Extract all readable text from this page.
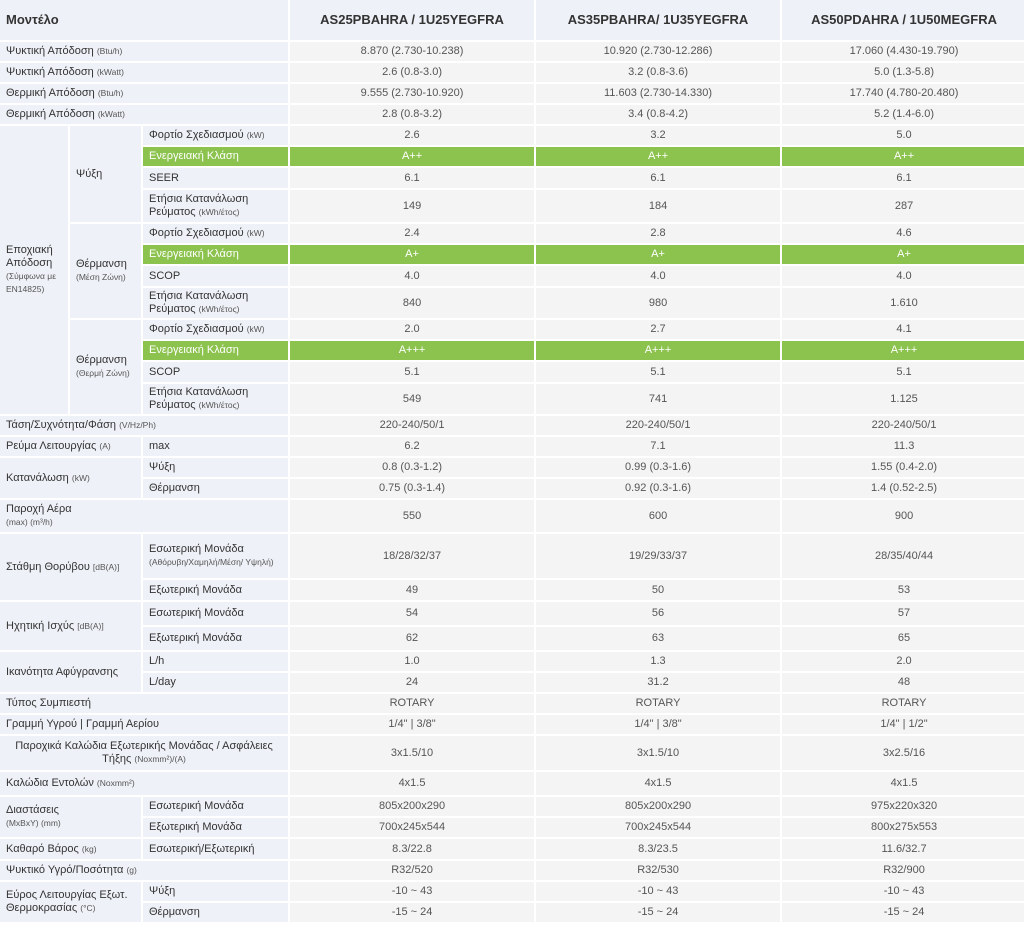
Μοντέλο			AS25PBAHRA / 1U25YEGFRA	AS35PBAHRA/ 1U35YEGFRA	AS50PDAHRA / 1U50MEGFRA
Ψυκτική Απόδοση (Btu/h)			8.870 (2.730-10.238)	10.920 (2.730-12.286)	17.060 (4.430-19.790)
Ψυκτική Απόδοση (kWatt)			2.6 (0.8-3.0)	3.2 (0.8-3.6)	5.0 (1.3-5.8)
Θερμική Απόδοση (Btu/h)			9.555 (2.730-10.920)	11.603 (2.730-14.330)	17.740 (4.780-20.480)
Θερμική Απόδοση (kWatt)			2.8 (0.8-3.2)	3.4 (0.8-4.2)	5.2 (1.4-6.0)
Εποχιακή Απόδοση
(Σύμφωνα με EN14825)	Ψύξη	Φορτίο Σχεδιασμού (kW)	2.6	3.2	5.0
		Ενεργειακή Κλάση	A++	A++	A++
		SEER	6.1	6.1	6.1
		Ετήσια Κατανάλωση Ρεύματος (kWh/έτος)	149	184	287
	Θέρμανση
(Μέση Ζώνη)	Φορτίο Σχεδιασμού (kW)	2.4	2.8	4.6
		Ενεργειακή Κλάση	A+	A+	A+
		SCOP	4.0	4.0	4.0
		Ετήσια Κατανάλωση Ρεύματος (kWh/έτος)	840	980	1.610
	Θέρμανση
(Θερμή Ζώνη)	Φορτίο Σχεδιασμού (kW)	2.0	2.7	4.1
		Ενεργειακή Κλάση	A+++	A+++	A+++
		SCOP	5.1	5.1	5.1
		Ετήσια Κατανάλωση Ρεύματος (kWh/έτος)	549	741	1.125
Τάση/Συχνότητα/Φάση (V/Hz/Ph)			220-240/50/1	220-240/50/1	220-240/50/1
Ρεύμα Λειτουργίας (A)		max	6.2	7.1	11.3
Κατανάλωση (kW)		Ψύξη	0.8 (0.3-1.2)	0.99 (0.3-1.6)	1.55 (0.4-2.0)
		Θέρμανση	0.75 (0.3-1.4)	0.92 (0.3-1.6)	1.4 (0.52-2.5)
Παροχή Αέρα
(max) (m³/h)			550	600	900
Στάθμη Θορύβου [dB(A)]		Εσωτερική Μονάδα
(Αθόρυβη/Χαμηλή/Μέση/ Υψηλή)	18/28/32/37	19/29/33/37	28/35/40/44
		Εξωτερική Μονάδα	49	50	53
Ηχητική Ισχύς [dB(A)]		Εσωτερική Μονάδα	54	56	57
		Εξωτερική Μονάδα	62	63	65
Ικανότητα Αφύγρανσης		L/h	1.0	1.3	2.0
		L/day	24	31.2	48
Τύπος Συμπιεστή			ROTARY	ROTARY	ROTARY
Γραμμή Υγρού | Γραμμή Αερίου			1/4" | 3/8"	1/4" | 3/8"	1/4" | 1/2"
Παροχικά Καλώδια Εξωτερικής Μονάδας / Ασφάλειες Τήξης (Noxmm²)/(A)			3x1.5/10	3x1.5/10	3x2.5/16
Καλώδια Εντολών (Noxmm²)			4x1.5	4x1.5	4x1.5
Διαστάσεις
(MxBxY) (mm)		Εσωτερική Μονάδα	805x200x290	805x200x290	975x220x320
		Εξωτερική Μονάδα	700x245x544	700x245x544	800x275x553
Καθαρό Βάρος (kg)		Εσωτερική/Εξωτερική	8.3/22.8	8.3/23.5	11.6/32.7
Ψυκτικό Υγρό/Ποσότητα (g)			R32/520	R32/530	R32/900
Εύρος Λειτουργίας Εξωτ. Θερμοκρασίας (°C)		Ψύξη	-10 ~ 43	-10 ~ 43	-10 ~ 43
		Θέρμανση	-15 ~ 24	-15 ~ 24	-15 ~ 24
